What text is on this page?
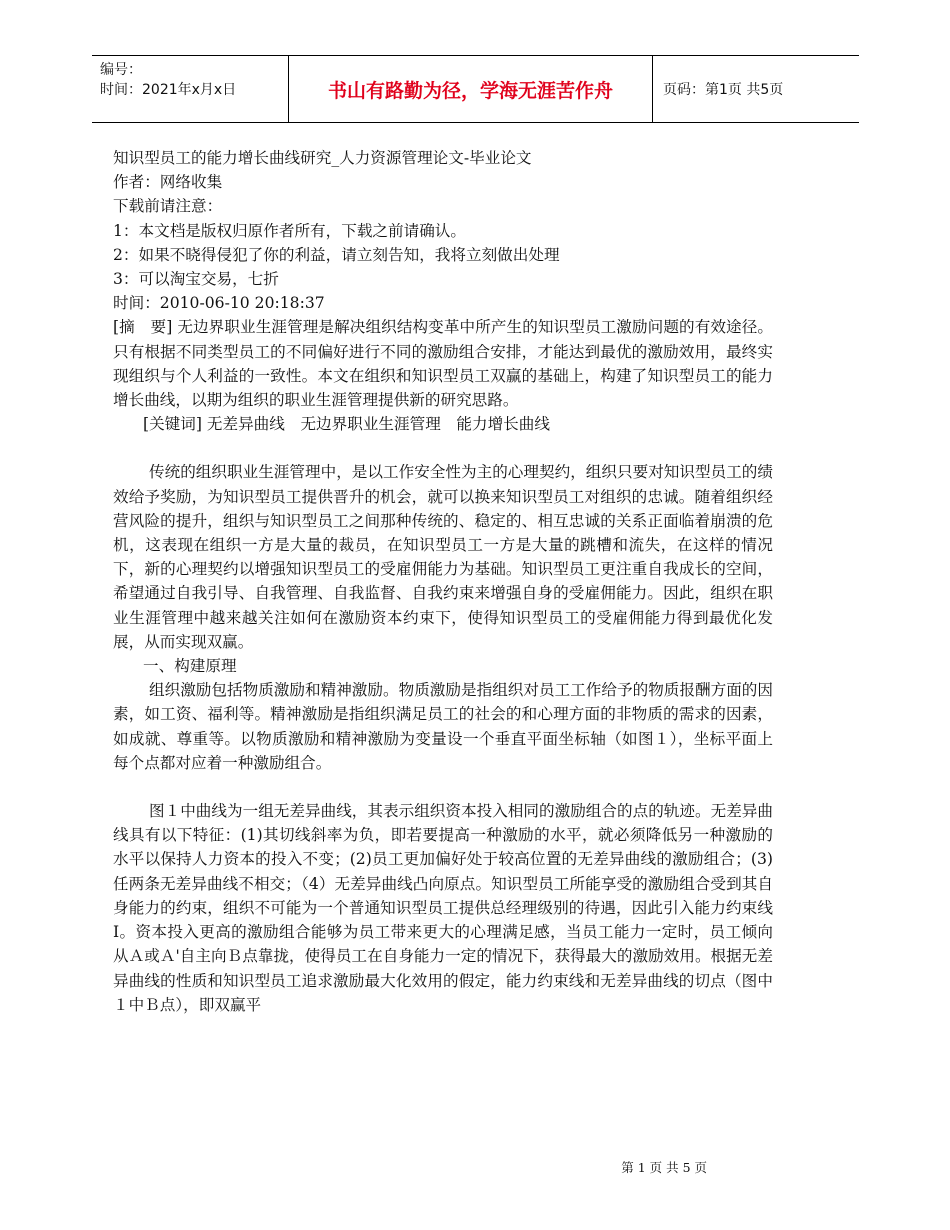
编号：
时间：2021年x月x日	书山有路勤为径，学海无涯苦作舟	页码：第1页 共5页

知识型员工的能力增长曲线研究_人力资源管理论文-毕业论文

作者：网络收集

下载前请注意：

1：本文档是版权归原作者所有，下载之前请确认。

2：如果不晓得侵犯了你的利益，请立刻告知，我将立刻做出处理

3：可以淘宝交易，七折

时间：2010-06-10 20:18:37

[摘　要] 无边界职业生涯管理是解决组织结构变革中所产生的知识型员工激励问题的有效途径。只有根据不同类型员工的不同偏好进行不同的激励组合安排，才能达到最优的激励效用，最终实现组织与个人利益的一致性。本文在组织和知识型员工双赢的基础上，构建了知识型员工的能力增长曲线，以期为组织的职业生涯管理提供新的研究思路。

[关键词] 无差异曲线　无边界职业生涯管理　能力增长曲线

传统的组织职业生涯管理中，是以工作安全性为主的心理契约，组织只要对知识型员工的绩效给予奖励，为知识型员工提供晋升的机会，就可以换来知识型员工对组织的忠诚。随着组织经营风险的提升，组织与知识型员工之间那种传统的、稳定的、相互忠诚的关系正面临着崩溃的危机，这表现在组织一方是大量的裁员，在知识型员工一方是大量的跳槽和流失，在这样的情况下，新的心理契约以增强知识型员工的受雇佣能力为基础。知识型员工更注重自我成长的空间，希望通过自我引导、自我管理、自我监督、自我约束来增强自身的受雇佣能力。因此，组织在职业生涯管理中越来越关注如何在激励资本约束下，使得知识型员工的受雇佣能力得到最优化发展，从而实现双赢。

一、构建原理

组织激励包括物质激励和精神激励。物质激励是指组织对员工工作给予的物质报酬方面的因素，如工资、福利等。精神激励是指组织满足员工的社会的和心理方面的非物质的需求的因素，如成就、尊重等。以物质激励和精神激励为变量设一个垂直平面坐标轴（如图１），坐标平面上每个点都对应着一种激励组合。

图１中曲线为一组无差异曲线，其表示组织资本投入相同的激励组合的点的轨迹。无差异曲线具有以下特征：(1)其切线斜率为负，即若要提高一种激励的水平，就必须降低另一种激励的水平以保持人力资本的投入不变；(2)员工更加偏好处于较高位置的无差异曲线的激励组合；(3)任两条无差异曲线不相交；（4）无差异曲线凸向原点。知识型员工所能享受的激励组合受到其自身能力的约束，组织不可能为一个普通知识型员工提供总经理级别的待遇，因此引入能力约束线Ⅰ。资本投入更高的激励组合能够为员工带来更大的心理满足感，当员工能力一定时，员工倾向从Ａ或Ａ'自主向Ｂ点靠拢，使得员工在自身能力一定的情况下，获得最大的激励效用。根据无差异曲线的性质和知识型员工追求激励最大化效用的假定，能力约束线和无差异曲线的切点（图中１中Ｂ点），即双赢平

第 1 页 共 5 页
